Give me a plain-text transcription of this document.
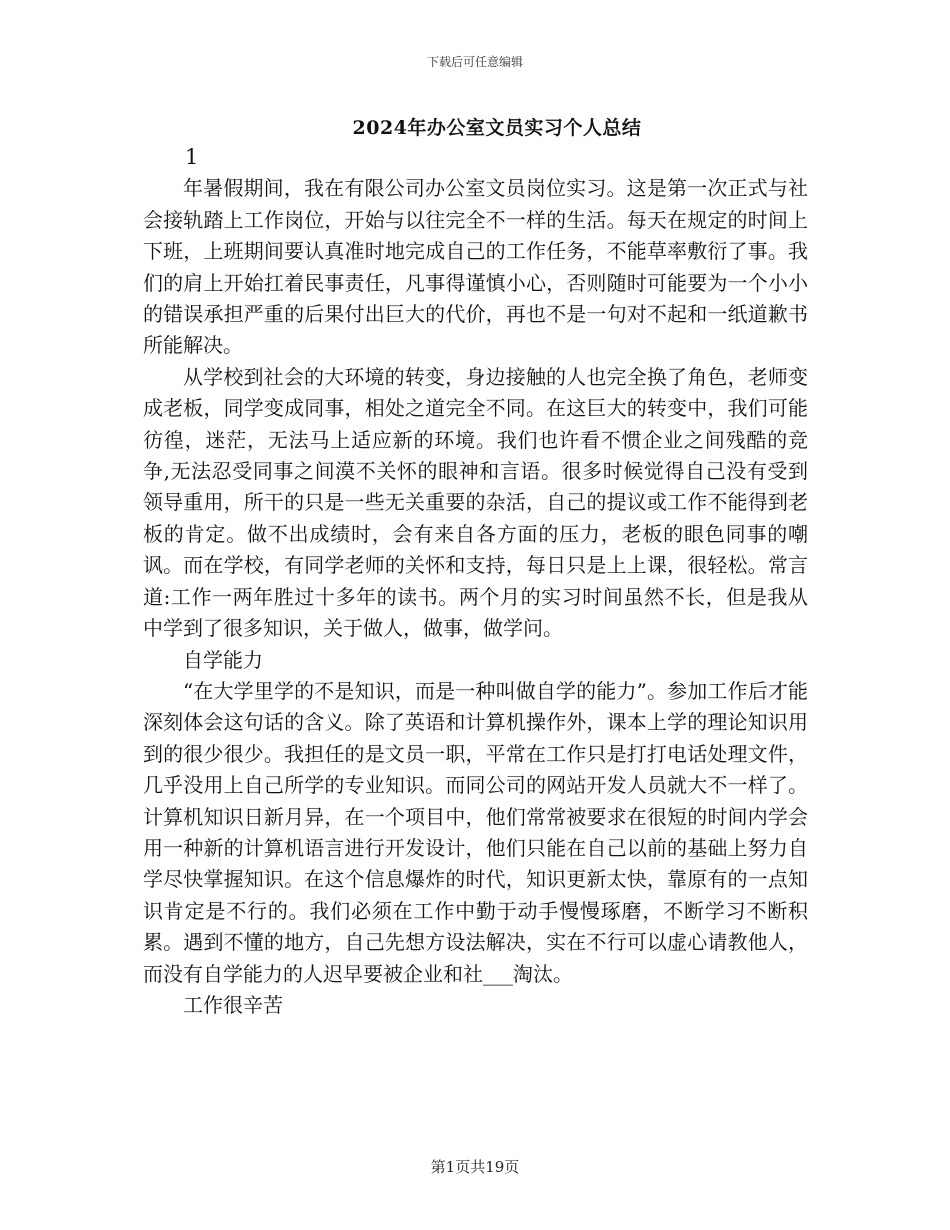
下载后可任意编辑
2024年办公室文员实习个人总结

1

年暑假期间，我在有限公司办公室文员岗位实习。这是第一次正式与社会接轨踏上工作岗位，开始与以往完全不一样的生活。每天在规定的时间上下班，上班期间要认真准时地完成自己的工作任务，不能草率敷衍了事。我们的肩上开始扛着民事责任，凡事得谨慎小心，否则随时可能要为一个小小的错误承担严重的后果付出巨大的代价，再也不是一句对不起和一纸道歉书所能解决。

从学校到社会的大环境的转变，身边接触的人也完全换了角色，老师变成老板，同学变成同事，相处之道完全不同。在这巨大的转变中，我们可能彷徨，迷茫，无法马上适应新的环境。我们也许看不惯企业之间残酷的竞争,无法忍受同事之间漠不关怀的眼神和言语。很多时候觉得自己没有受到领导重用，所干的只是一些无关重要的杂活，自己的提议或工作不能得到老板的肯定。做不出成绩时，会有来自各方面的压力，老板的眼色同事的嘲讽。而在学校，有同学老师的关怀和支持，每日只是上上课，很轻松。常言道:工作一两年胜过十多年的读书。两个月的实习时间虽然不长，但是我从中学到了很多知识，关于做人，做事，做学问。

自学能力

“在大学里学的不是知识，而是一种叫做自学的能力”。参加工作后才能深刻体会这句话的含义。除了英语和计算机操作外，课本上学的理论知识用到的很少很少。我担任的是文员一职，平常在工作只是打打电话处理文件，几乎没用上自己所学的专业知识。而同公司的网站开发人员就大不一样了。计算机知识日新月异，在一个项目中，他们常常被要求在很短的时间内学会用一种新的计算机语言进行开发设计，他们只能在自己以前的基础上努力自学尽快掌握知识。在这个信息爆炸的时代，知识更新太快，靠原有的一点知识肯定是不行的。我们必须在工作中勤于动手慢慢琢磨，不断学习不断积累。遇到不懂的地方，自己先想方设法解决，实在不行可以虚心请教他人，而没有自学能力的人迟早要被企业和社___淘汰。

工作很辛苦

第1页共19页
